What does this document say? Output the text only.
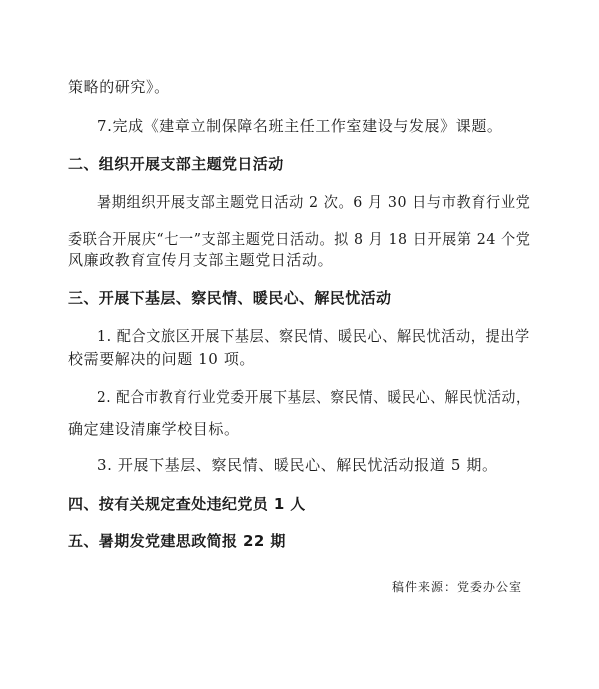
策略的研究》。
7.完成《建章立制保障名班主任工作室建设与发展》课题。
二、组织开展支部主题党日活动
暑期组织开展支部主题党日活动 2 次。6 月 30 日与市教育行业党
委联合开展庆“七一”支部主题党日活动。拟 8 月 18 日开展第 24 个党
风廉政教育宣传月支部主题党日活动。
三、开展下基层、察民情、暖民心、解民忧活动
1. 配合文旅区开展下基层、察民情、暖民心、解民忧活动，提出学
校需要解决的问题 10 项。
2. 配合市教育行业党委开展下基层、察民情、暖民心、解民忧活动，
确定建设清廉学校目标。
3. 开展下基层、察民情、暖民心、解民忧活动报道 5 期。
四、按有关规定查处违纪党员 1 人
五、暑期发党建思政简报 22 期
稿件来源：党委办公室
